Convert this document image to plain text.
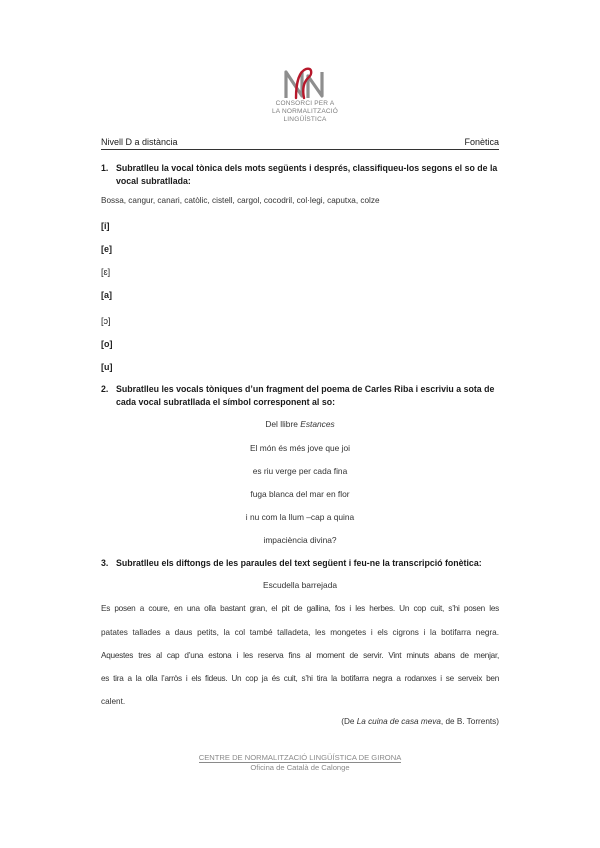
CONSORCI PER A
LA NORMALITZACIÓ
LINGÜÍSTICA
Nivell D a distància	Fonètica
1. Subratlleu la vocal tònica dels mots següents i després, classifiqueu-los segons el so de la vocal subratllada:
Bossa, cangur, canari, catòlic, cistell, cargol, cocodril, col·legi, caputxa, colze
[i]
[e]
[ɛ]
[a]
[ɔ]
[o]
[u]
2. Subratlleu les vocals tòniques d’un fragment del poema de Carles Riba i escriviu a sota de cada vocal subratllada el símbol corresponent al so:
Del llibre Estances
El món és més jove que joi
es riu verge per cada fina
fuga blanca del mar en flor
i nu com la llum –cap a quina
impaciència divina?
3. Subratlleu els diftongs de les paraules del text següent i feu-ne la transcripció fonètica:
Escudella barrejada
Es posen a coure, en una olla bastant gran, el pit de gallina, fos i les herbes. Un cop cuit, s’hi posen les
patates tallades a daus petits, la col també talladeta, les mongetes i els cigrons i la botifarra negra.
Aquestes tres al cap d’una estona i les reserva fins al moment de servir. Vint minuts abans de menjar,
es tira a la olla l’arròs i els fideus. Un cop ja és cuit, s’hi tira la botifarra negra a rodanxes i se serveix ben
calent.
(De La cuina de casa meva, de B. Torrents)
CENTRE DE NORMALITZACIÓ LINGÜÍSTICA DE GIRONA
Oficina de Català de Calonge
